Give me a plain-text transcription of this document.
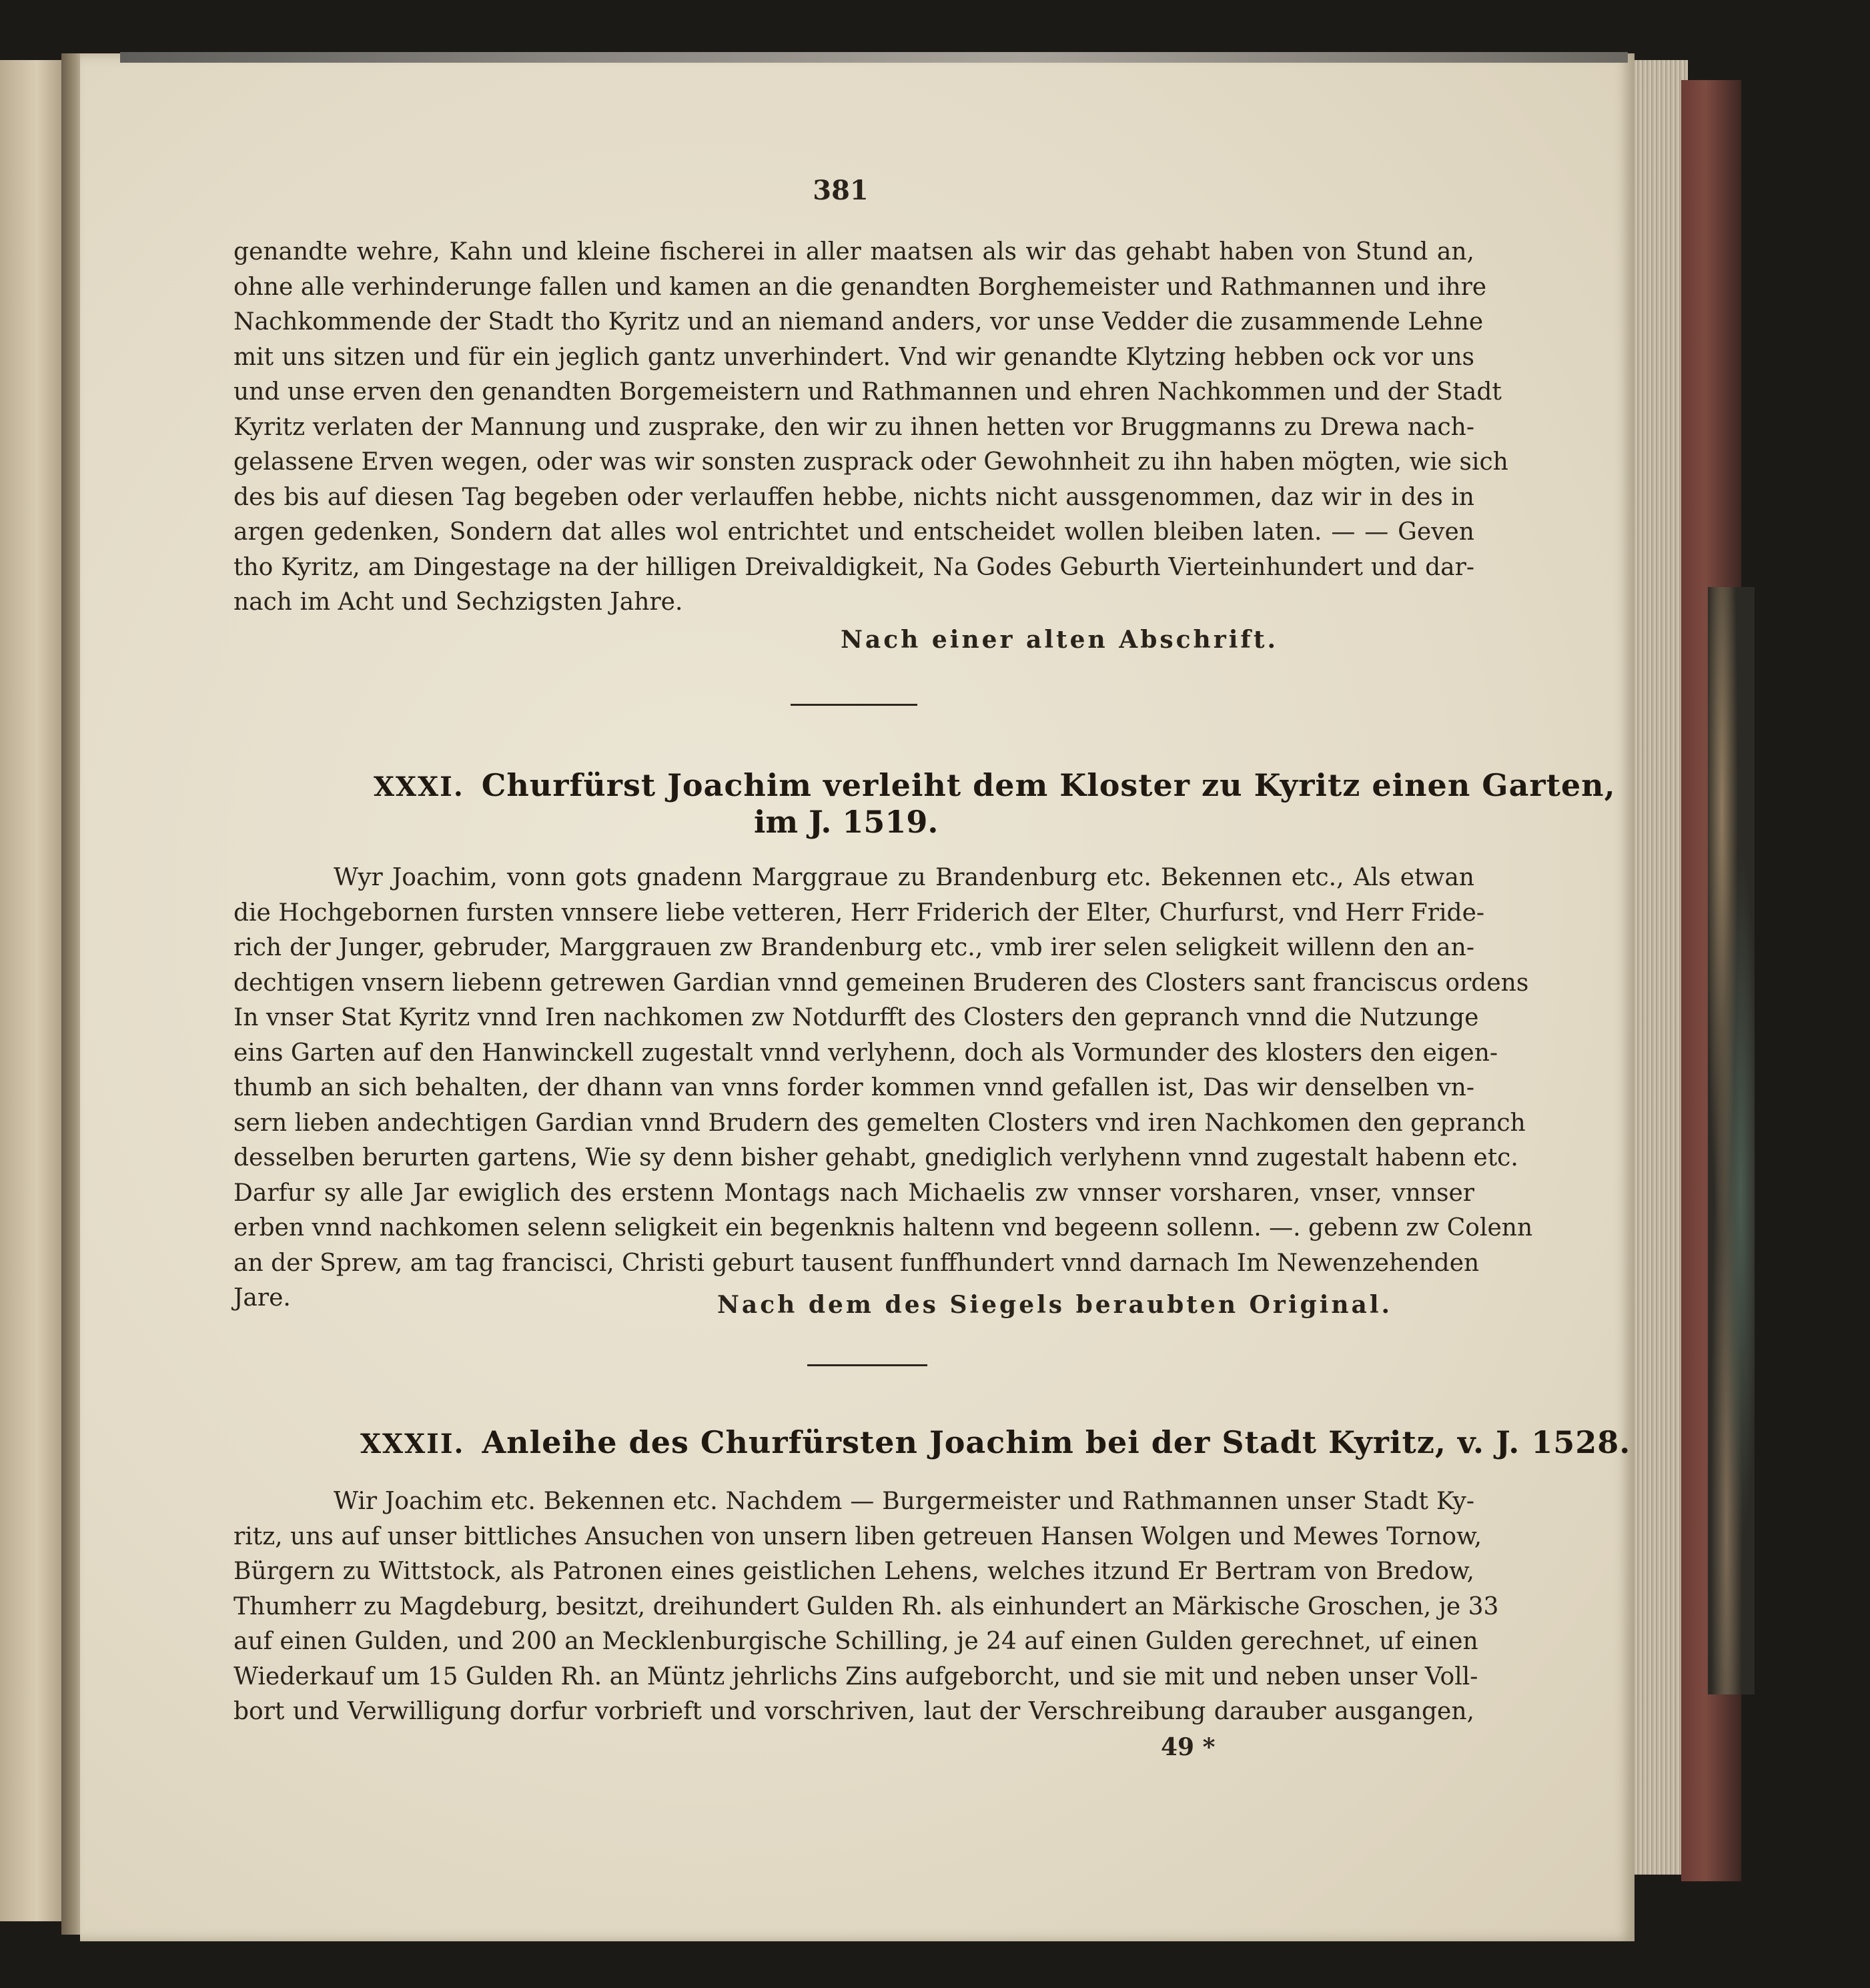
381
genandte wehre, Kahn und kleine fischerei in aller maatsen als wir das gehabt haben von Stund an,
ohne alle verhinderunge fallen und kamen an die genandten Borghemeister und Rathmannen und ihre
Nachkommende der Stadt tho Kyritz und an niemand anders, vor unse Vedder die zusammende Lehne
mit uns sitzen und für ein jeglich gantz unverhindert. Vnd wir genandte Klytzing hebben ock vor uns
und unse erven den genandten Borgemeistern und Rathmannen und ehren Nachkommen und der Stadt
Kyritz verlaten der Mannung und zusprake, den wir zu ihnen hetten vor Bruggmanns zu Drewa nach-
gelassene Erven wegen, oder was wir sonsten zusprack oder Gewohnheit zu ihn haben mögten, wie sich
des bis auf diesen Tag begeben oder verlauffen hebbe, nichts nicht aussgenommen, daz wir in des in
argen gedenken, Sondern dat alles wol entrichtet und entscheidet wollen bleiben laten. — — Geven
tho Kyritz, am Dingestage na der hilligen Dreivaldigkeit, Na Godes Geburth Vierteinhundert und dar-
nach im Acht und Sechzigsten Jahre.
Nach einer alten Abschrift.
XXXI. Churfürst Joachim verleiht dem Kloster zu Kyritz einen Garten,
im J. 1519.
Wyr Joachim, vonn gots gnadenn Marggraue zu Brandenburg etc. Bekennen etc., Als etwan
die Hochgebornen fursten vnnsere liebe vetteren, Herr Friderich der Elter, Churfurst, vnd Herr Fride-
rich der Junger, gebruder, Marggrauen zw Brandenburg etc., vmb irer selen seligkeit willenn den an-
dechtigen vnsern liebenn getrewen Gardian vnnd gemeinen Bruderen des Closters sant franciscus ordens
In vnser Stat Kyritz vnnd Iren nachkomen zw Notdurfft des Closters den gepranch vnnd die Nutzunge
eins Garten auf den Hanwinckell zugestalt vnnd verlyhenn, doch als Vormunder des klosters den eigen-
thumb an sich behalten, der dhann van vnns forder kommen vnnd gefallen ist, Das wir denselben vn-
sern lieben andechtigen Gardian vnnd Brudern des gemelten Closters vnd iren Nachkomen den gepranch
desselben berurten gartens, Wie sy denn bisher gehabt, gnediglich verlyhenn vnnd zugestalt habenn etc.
Darfur sy alle Jar ewiglich des erstenn Montags nach Michaelis zw vnnser vorsharen, vnser, vnnser
erben vnnd nachkomen selenn seligkeit ein begenknis haltenn vnd begeenn sollenn. —. gebenn zw Colenn
an der Sprew, am tag francisci, Christi geburt tausent funffhundert vnnd darnach Im Newenzehenden
Jare.	Nach dem des Siegels beraubten Original.
XXXII. Anleihe des Churfürsten Joachim bei der Stadt Kyritz, v. J. 1528.
Wir Joachim etc. Bekennen etc. Nachdem — Burgermeister und Rathmannen unser Stadt Ky-
ritz, uns auf unser bittliches Ansuchen von unsern liben getreuen Hansen Wolgen und Mewes Tornow,
Bürgern zu Wittstock, als Patronen eines geistlichen Lehens, welches itzund Er Bertram von Bredow,
Thumherr zu Magdeburg, besitzt, dreihundert Gulden Rh. als einhundert an Märkische Groschen, je 33
auf einen Gulden, und 200 an Mecklenburgische Schilling, je 24 auf einen Gulden gerechnet, uf einen
Wiederkauf um 15 Gulden Rh. an Müntz jehrlichs Zins aufgeborcht, und sie mit und neben unser Voll-
bort und Verwilligung dorfur vorbrieft und vorschriven, laut der Verschreibung darauber ausgangen,
49 *
